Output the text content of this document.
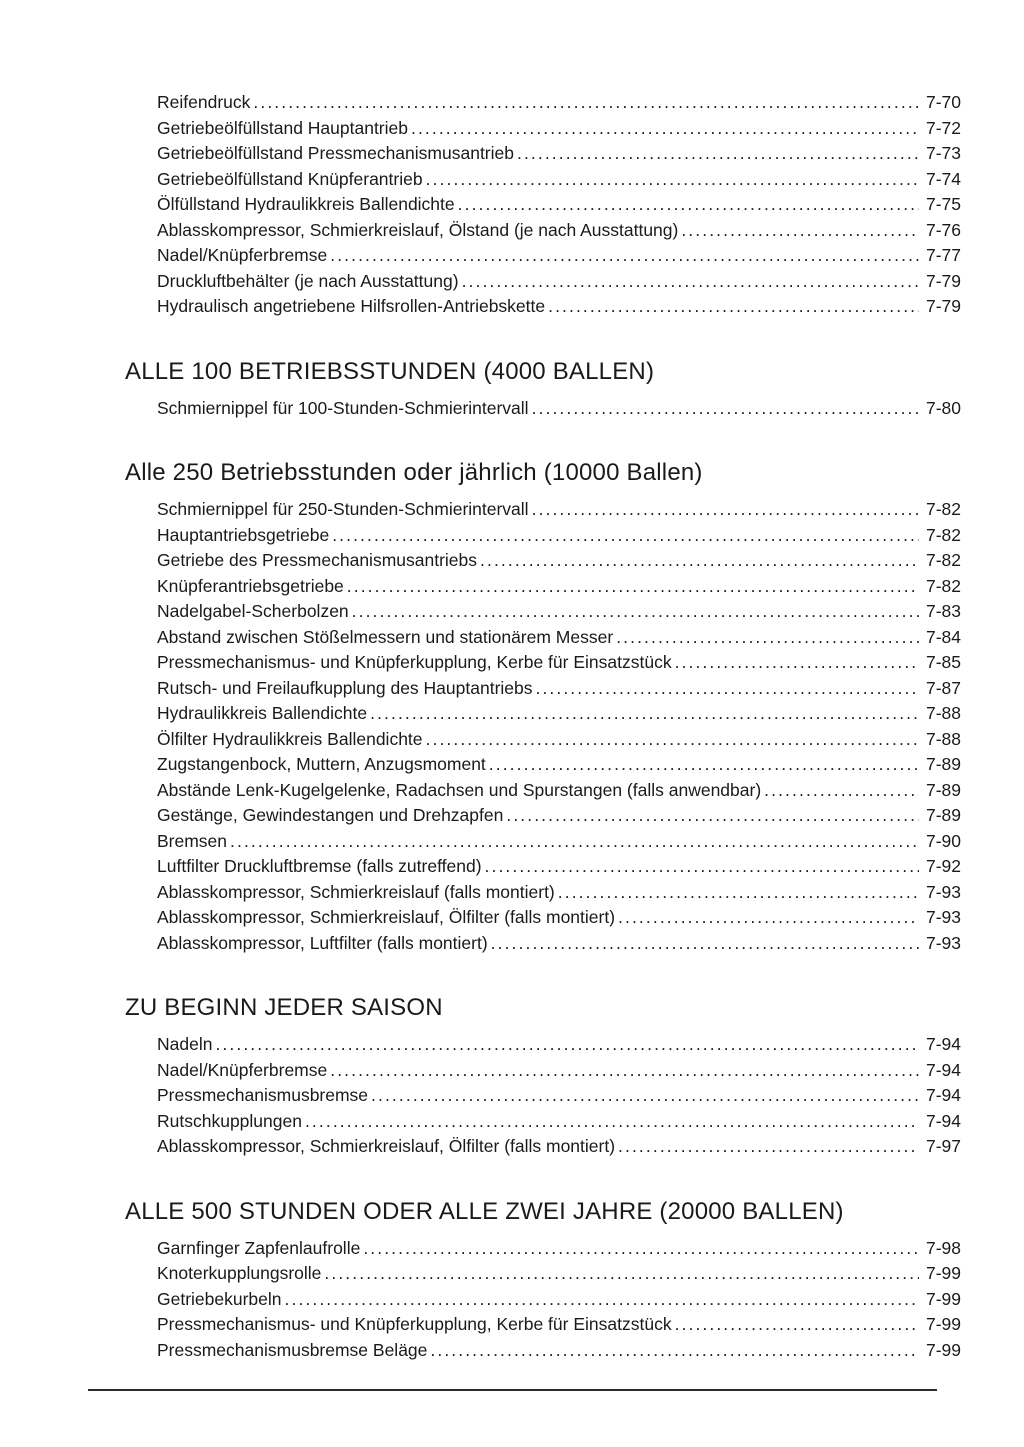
Reifendruck .....	7-70
Getriebeölfüllstand Hauptantrieb .....	7-72
Getriebeölfüllstand Pressmechanismusantrieb .....	7-73
Getriebeölfüllstand Knüpferantrieb .....	7-74
Ölfüllstand Hydraulikkreis Ballendichte .....	7-75
Ablasskompressor, Schmierkreislauf, Ölstand (je nach Ausstattung) .....	7-76
Nadel/Knüpferbremse .....	7-77
Druckluftbehälter (je nach Ausstattung) .....	7-79
Hydraulisch angetriebene Hilfsrollen-Antriebskette .....	7-79
ALLE 100 BETRIEBSSTUNDEN (4000 BALLEN)
Schmiernippel für 100-Stunden-Schmierintervall .....	7-80
Alle 250 Betriebsstunden oder jährlich (10000 Ballen)
Schmiernippel für 250-Stunden-Schmierintervall .....	7-82
Hauptantriebsgetriebe .....	7-82
Getriebe des Pressmechanismusantriebs .....	7-82
Knüpferantriebsgetriebe .....	7-82
Nadelgabel-Scherbolzen .....	7-83
Abstand zwischen Stößelmessern und stationärem Messer .....	7-84
Pressmechanismus- und Knüpferkupplung, Kerbe für Einsatzstück .....	7-85
Rutsch- und Freilaufkupplung des Hauptantriebs .....	7-87
Hydraulikkreis Ballendichte .....	7-88
Ölfilter Hydraulikkreis Ballendichte .....	7-88
Zugstangenbock, Muttern, Anzugsmoment .....	7-89
Abstände Lenk-Kugelgelenke, Radachsen und Spurstangen (falls anwendbar) .....	7-89
Gestänge, Gewindestangen und Drehzapfen .....	7-89
Bremsen .....	7-90
Luftfilter Druckluftbremse (falls zutreffend) .....	7-92
Ablasskompressor, Schmierkreislauf (falls montiert) .....	7-93
Ablasskompressor, Schmierkreislauf, Ölfilter (falls montiert) .....	7-93
Ablasskompressor, Luftfilter (falls montiert) .....	7-93
ZU BEGINN JEDER SAISON
Nadeln .....	7-94
Nadel/Knüpferbremse .....	7-94
Pressmechanismusbremse .....	7-94
Rutschkupplungen .....	7-94
Ablasskompressor, Schmierkreislauf, Ölfilter (falls montiert) .....	7-97
ALLE 500 STUNDEN ODER ALLE ZWEI JAHRE (20000 BALLEN)
Garnfinger Zapfenlaufrolle .....	7-98
Knoterkupplungsrolle .....	7-99
Getriebekurbeln .....	7-99
Pressmechanismus- und Knüpferkupplung, Kerbe für Einsatzstück .....	7-99
Pressmechanismusbremse Beläge .....	7-99
